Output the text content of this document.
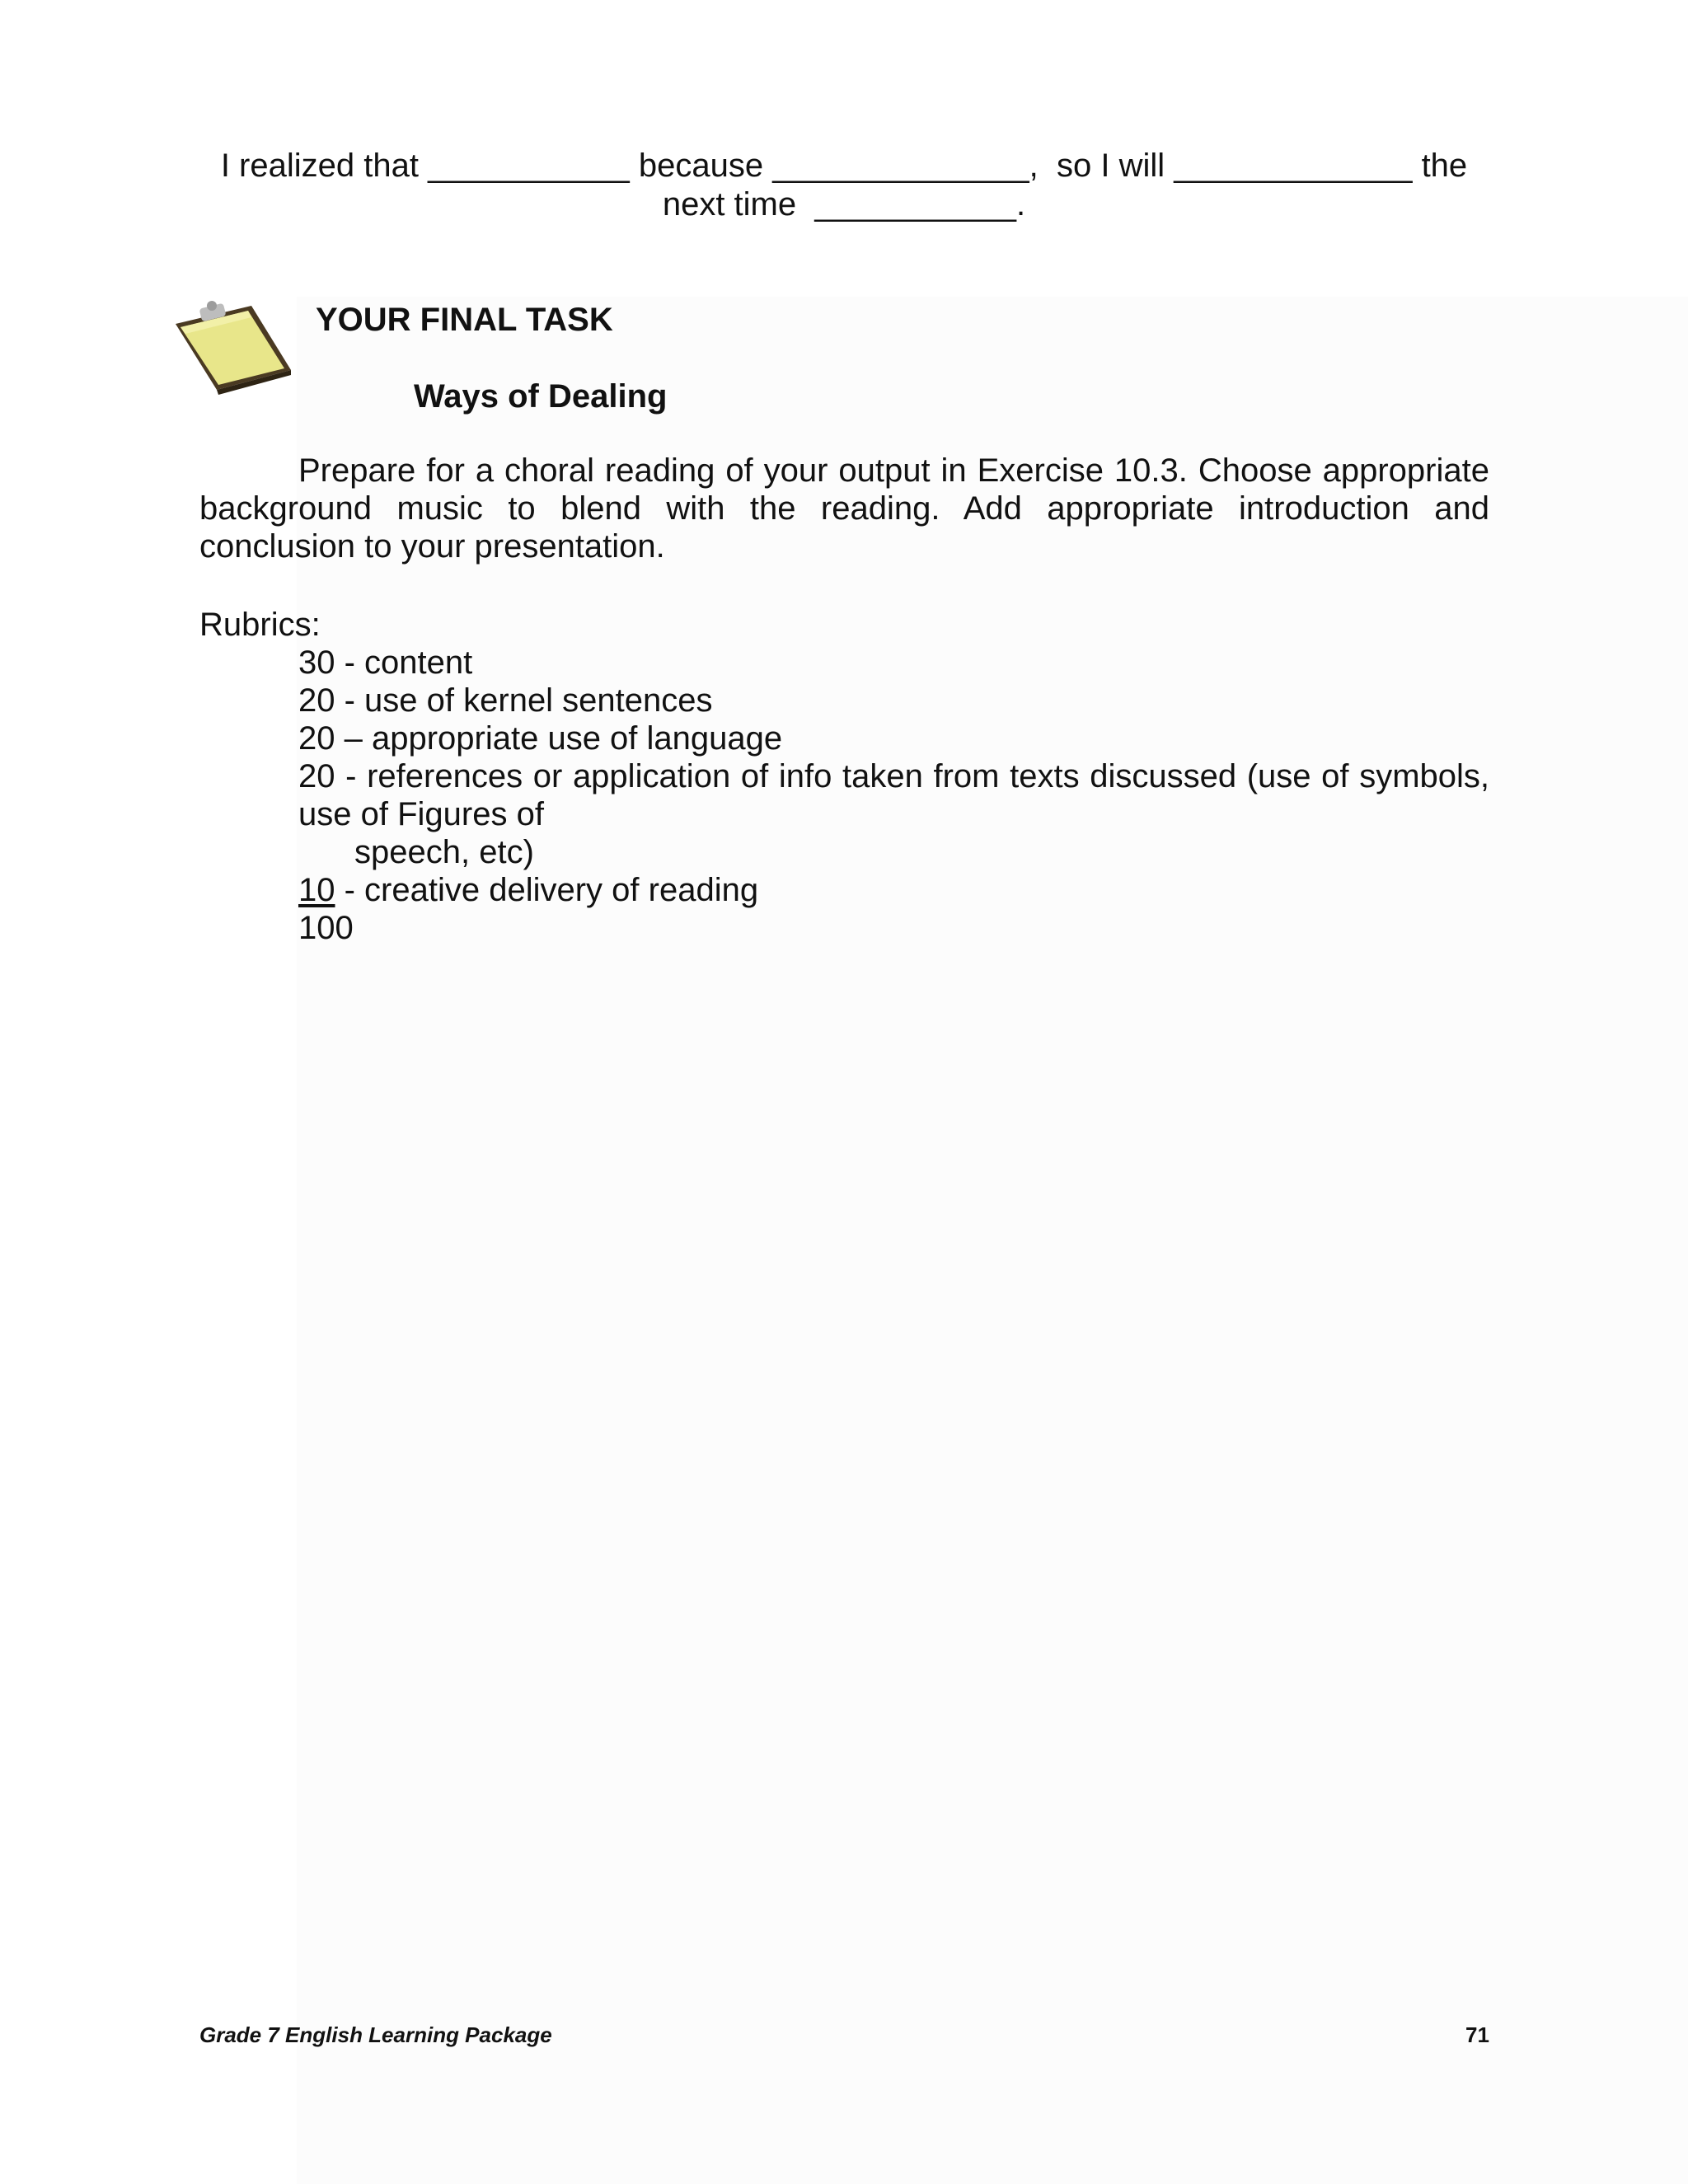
I realized that ___________ because ______________,  so I will _____________ the
next time  ___________.
YOUR FINAL TASK
Ways of Dealing
Prepare for a choral reading of your output in Exercise 10.3. Choose appropriate background music to blend with the reading. Add appropriate introduction and conclusion to your presentation.
Rubrics:
30 - content
20 - use of kernel sentences
20 – appropriate use of language
20 - references or application of info taken from texts discussed (use of symbols, use of Figures of
speech, etc)
10 - creative delivery of reading
100
Grade 7 English Learning Package	71
